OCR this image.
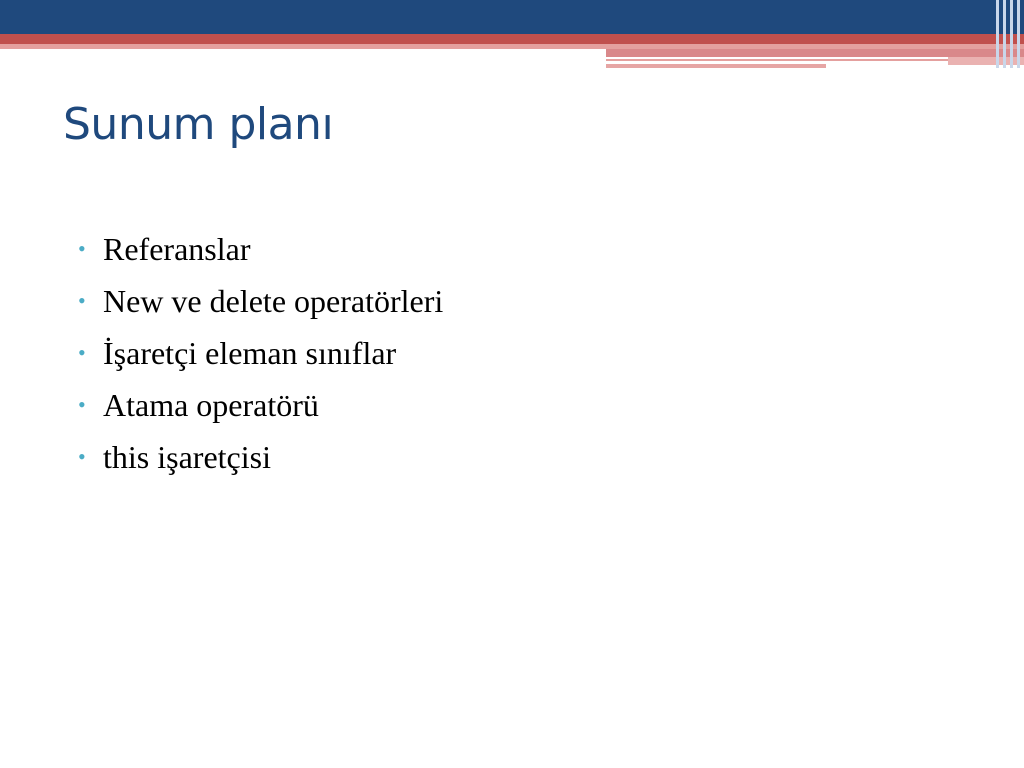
Sunum planı
• Referanslar
• New ve delete operatörleri
• İşaretçi eleman sınıflar
• Atama operatörü
• this işaretçisi
